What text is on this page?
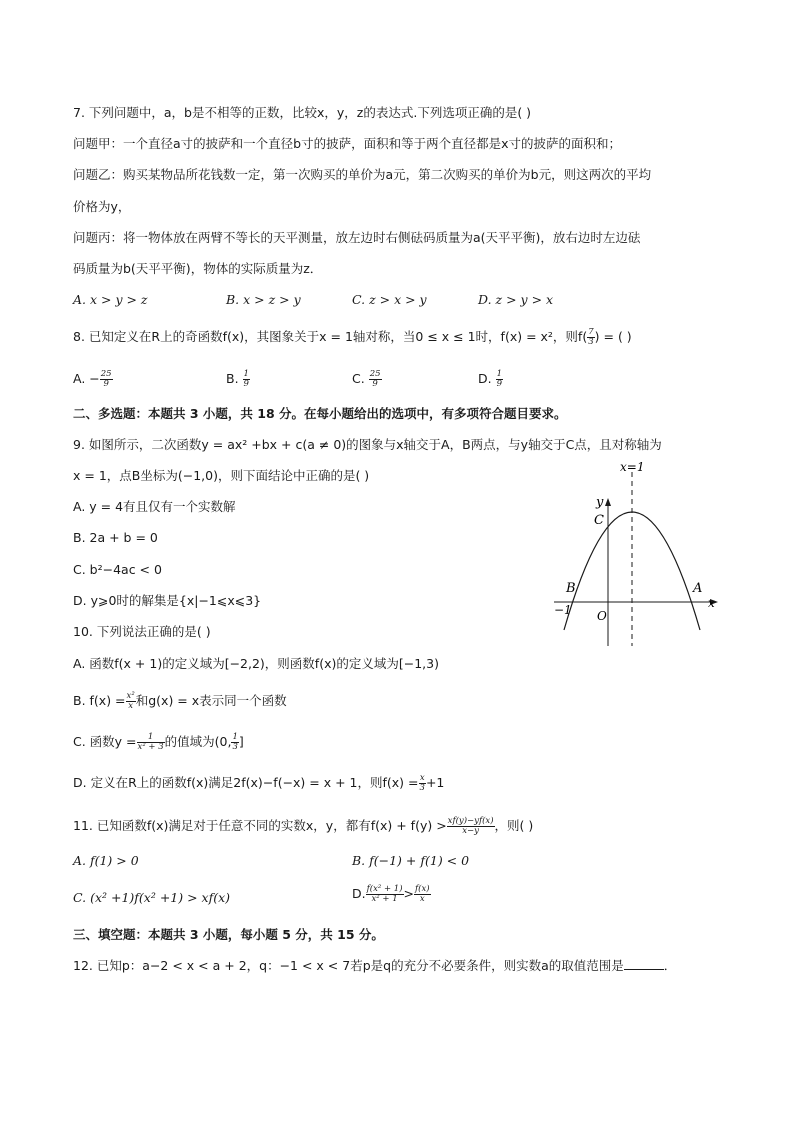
7. 下列问题中，a，b是不相等的正数，比较x，y，z的表达式.下列选项正确的是( )
问题甲：一个直径a寸的披萨和一个直径b寸的披萨，面积和等于两个直径都是x寸的披萨的面积和；
问题乙：购买某物品所花钱数一定，第一次购买的单价为a元，第二次购买的单价为b元，则这两次的平均
价格为y，
问题丙：将一物体放在两臂不等长的天平测量，放左边时右侧砝码质量为a(天平平衡)，放右边时左边砝
码质量为b(天平平衡)，物体的实际质量为z．
A. x > y > z	B. x > z > y	C. z > x > y	D. z > y > x
8. 已知定义在R上的奇函数f(x)，其图象关于x = 1轴对称，当0 ≤ x ≤ 1时，f(x) = x²，则$f( \frac{7}{3}$ ) = ( )
A. − $\frac{25}{9}$	B. $\frac{1}{9}$	C. $\frac{25}{9}$	D. $\frac{1}{9}$
二、多选题：本题共 3 小题，共 18 分。在每小题给出的选项中，有多项符合题目要求。
9. 如图所示，二次函数y = ax² +bx + c(a ≠ 0)的图象与x轴交于A，B两点，与y轴交于C点，且对称轴为
x = 1，点B坐标为(−1,0)，则下面结论中正确的是( )
A. y = 4有且仅有一个实数解
B. 2a + b = 0
C. b²−4ac < 0
D. y⩾0时的解集是{x|−1⩽x⩽3}
x=1
y
x
C
B	A
O
−1
10. 下列说法正确的是( )
A. 函数f(x + 1)的定义域为[−2,2)，则函数f(x)的定义域为[−1,3)
B. $f(x) = \frac{\text{x²}}{x}$ 和g(x) = x表示同一个函数
C. 函数$y = \frac{1}{\text{x² + 3}}$ 的值域为(0, $\frac{1}{3}$ ]
D. 定义在R上的函数f(x)满足2f(x)−f(−x) = x + 1，则$f(x) = \frac{x}{3} +1$
11. 已知函数f(x)满足对于任意不同的实数x，y，都有$f(x) + f(y) > \frac{xf(y)-yf(x)}{x-y}$ ，则( )
A. f(1) > 0	B. f(−1) + f(1) < 0
C. (x² +1)f(x² +1) > xf(x)	D. $\frac{\text{f(x² + 1)}}{\text{x² + 1}} > \frac{f(x)}{x}$
三、填空题：本题共 3 小题，每小题 5 分，共 15 分。
12. 已知p：a−2 < x < a + 2，q：−1 < x < 7若p是q的充分不必要条件，则实数a的取值范围是	．
